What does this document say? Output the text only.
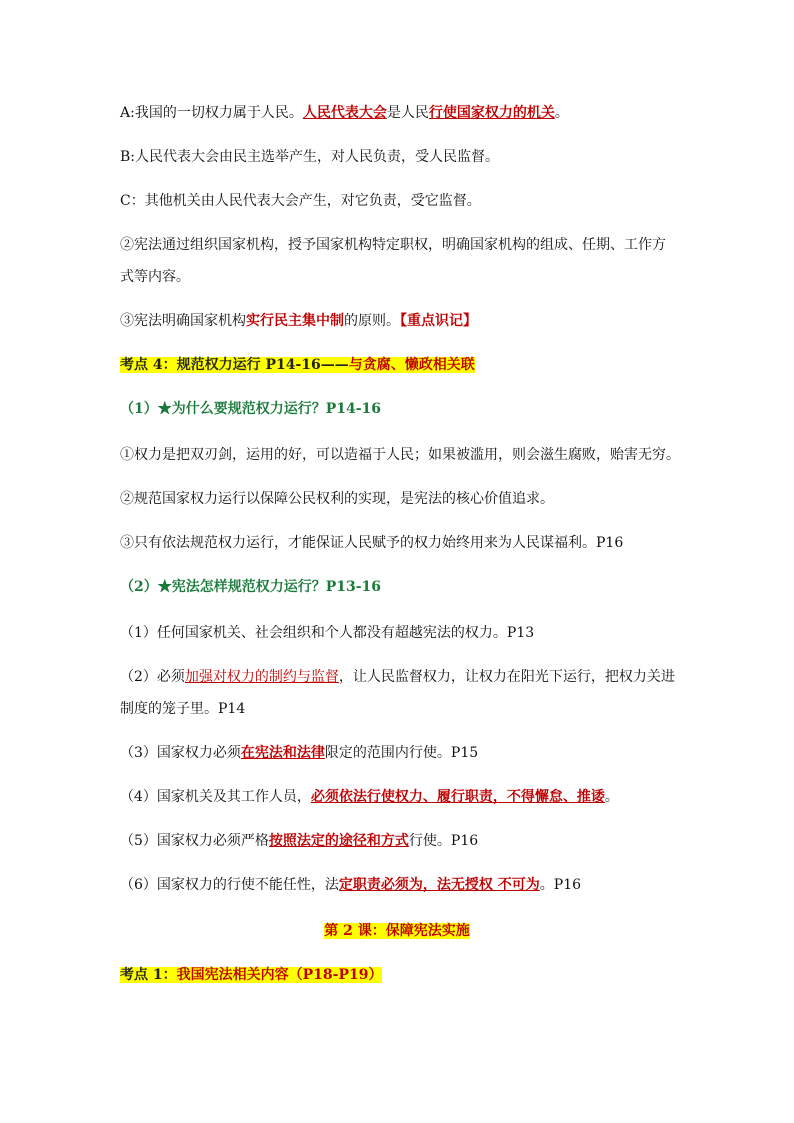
A:我国的一切权力属于人民。人民代表大会是人民行使国家权力的机关。
B:人民代表大会由民主选举产生，对人民负责，受人民监督。
C：其他机关由人民代表大会产生，对它负责，受它监督。
②宪法通过组织国家机构，授予国家机构特定职权，明确国家机构的组成、任期、工作方
式等内容。
③宪法明确国家机构实行民主集中制的原则。【重点识记】
考点 4：规范权力运行 P14-16——与贪腐、懒政相关联
（1）★为什么要规范权力运行？P14-16
①权力是把双刃剑，运用的好，可以造福于人民；如果被滥用，则会滋生腐败，贻害无穷。
②规范国家权力运行以保障公民权利的实现，是宪法的核心价值追求。
③只有依法规范权力运行，才能保证人民赋予的权力始终用来为人民谋福利。P16
（2）★宪法怎样规范权力运行？P13-16
（1）任何国家机关、社会组织和个人都没有超越宪法的权力。P13
（2）必须加强对权力的制约与监督，让人民监督权力，让权力在阳光下运行，把权力关进
制度的笼子里。P14
（3）国家权力必须在宪法和法律限定的范围内行使。P15
（4）国家机关及其工作人员，必须依法行使权力、履行职责，不得懈怠、推诿。
（5）国家权力必须严格按照法定的途径和方式行使。P16
（6）国家权力的行使不能任性，法定职责必须为，法无授权 不可为。P16
第 2 课：保障宪法实施
考点 1：我国宪法相关内容（P18-P19）
